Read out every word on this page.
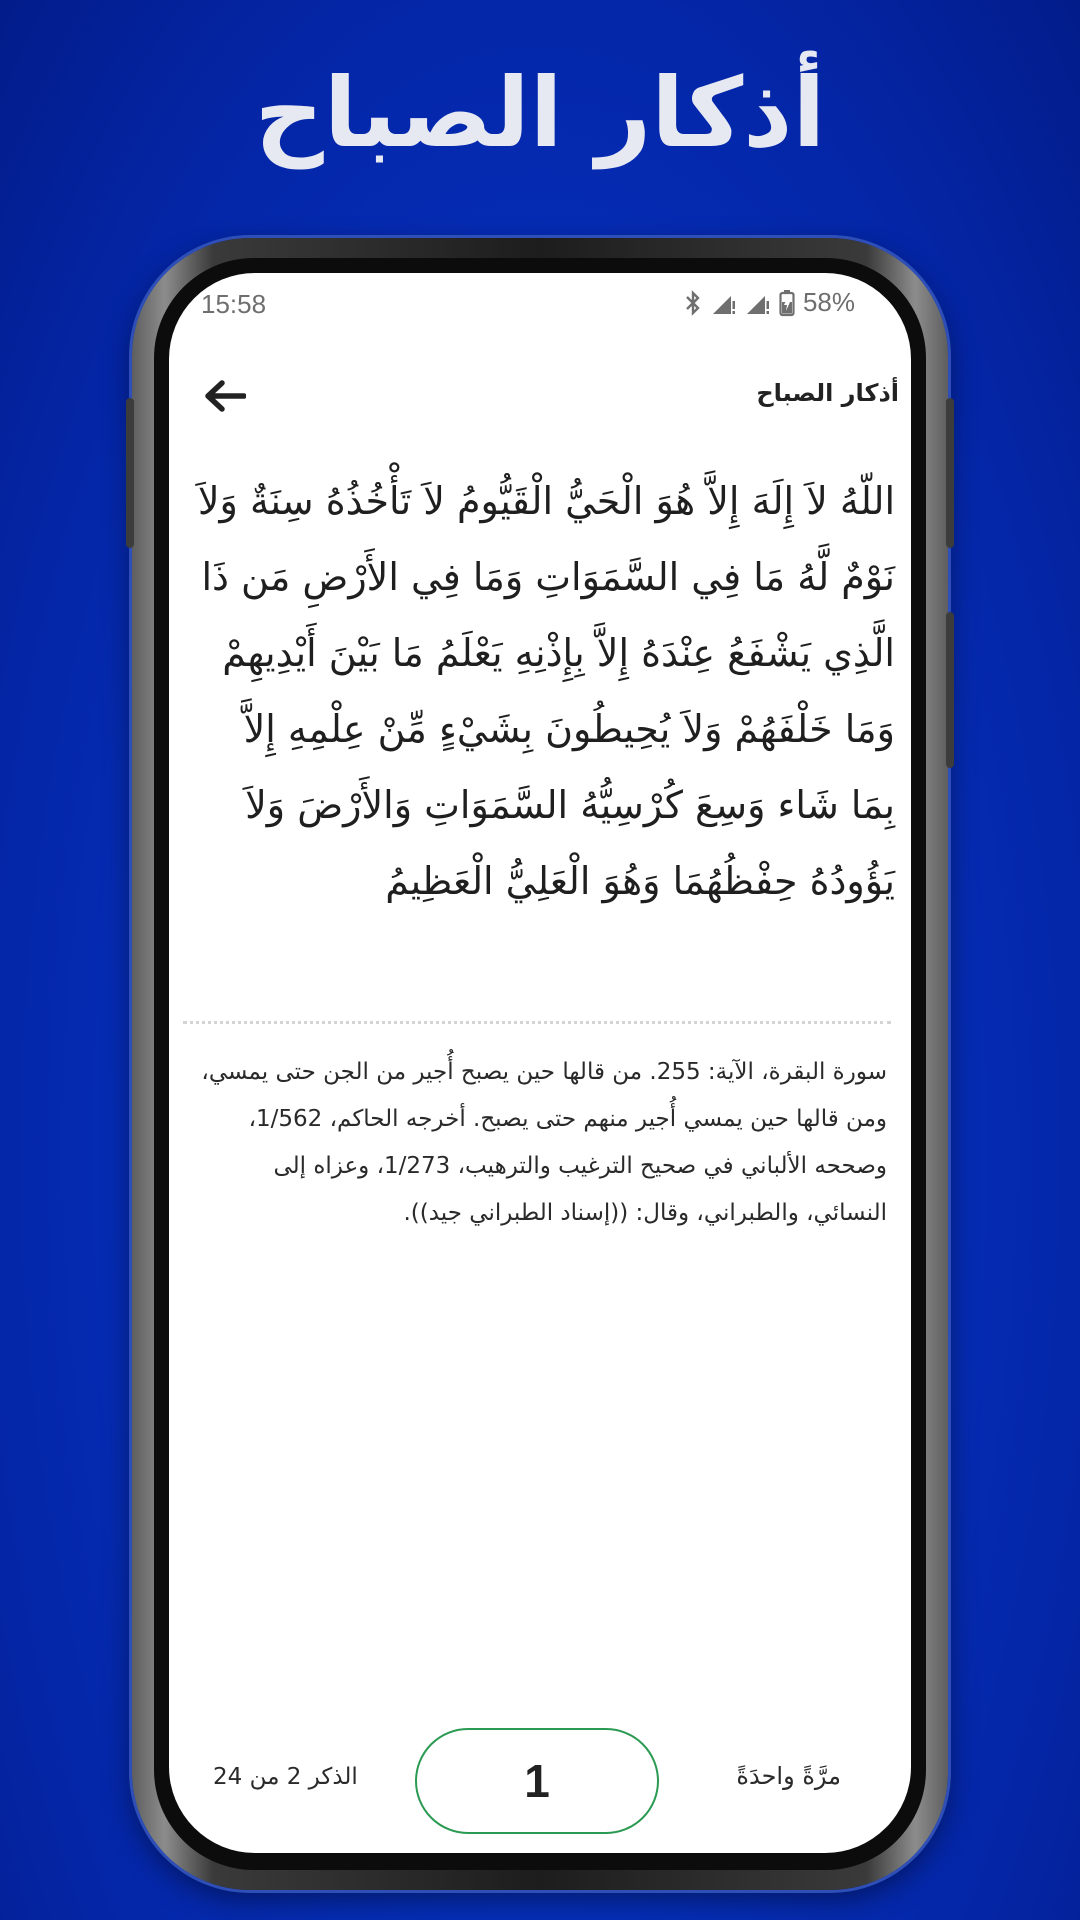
أذكار الصباح
15:58	58%
أذكار الصباح
اللّهُ لاَ إِلَهَ إِلاَّ هُوَ الْحَيُّ الْقَيُّومُ لاَ تَأْخُذُهُ سِنَةٌ وَلاَ نَوْمٌ لَّهُ مَا فِي السَّمَوَاتِ وَمَا فِي الأَرْضِ مَن ذَا الَّذِي يَشْفَعُ عِنْدَهُ إِلاَّ بِإِذْنِهِ يَعْلَمُ مَا بَيْنَ أَيْدِيهِمْ وَمَا خَلْفَهُمْ وَلاَ يُحِيطُونَ بِشَيْءٍ مِّنْ عِلْمِهِ إِلاَّ بِمَا شَاء وَسِعَ كُرْسِيُّهُ السَّمَوَاتِ وَالأَرْضَ وَلاَ يَؤُودُهُ حِفْظُهُمَا وَهُوَ الْعَلِيُّ الْعَظِيمُ
سورة البقرة، الآية: 255. من قالها حين يصبح أُجير من الجن حتى يمسي، ومن قالها حين يمسي أُجير منهم حتى يصبح. أخرجه الحاكم، 1/562، وصححه الألباني في صحيح الترغيب والترهيب، 1/273، وعزاه إلى النسائي، والطبراني، وقال: ((إسناد الطبراني جيد)).
الذكر 2 من 24	1	مرَّةً واحدَةً
